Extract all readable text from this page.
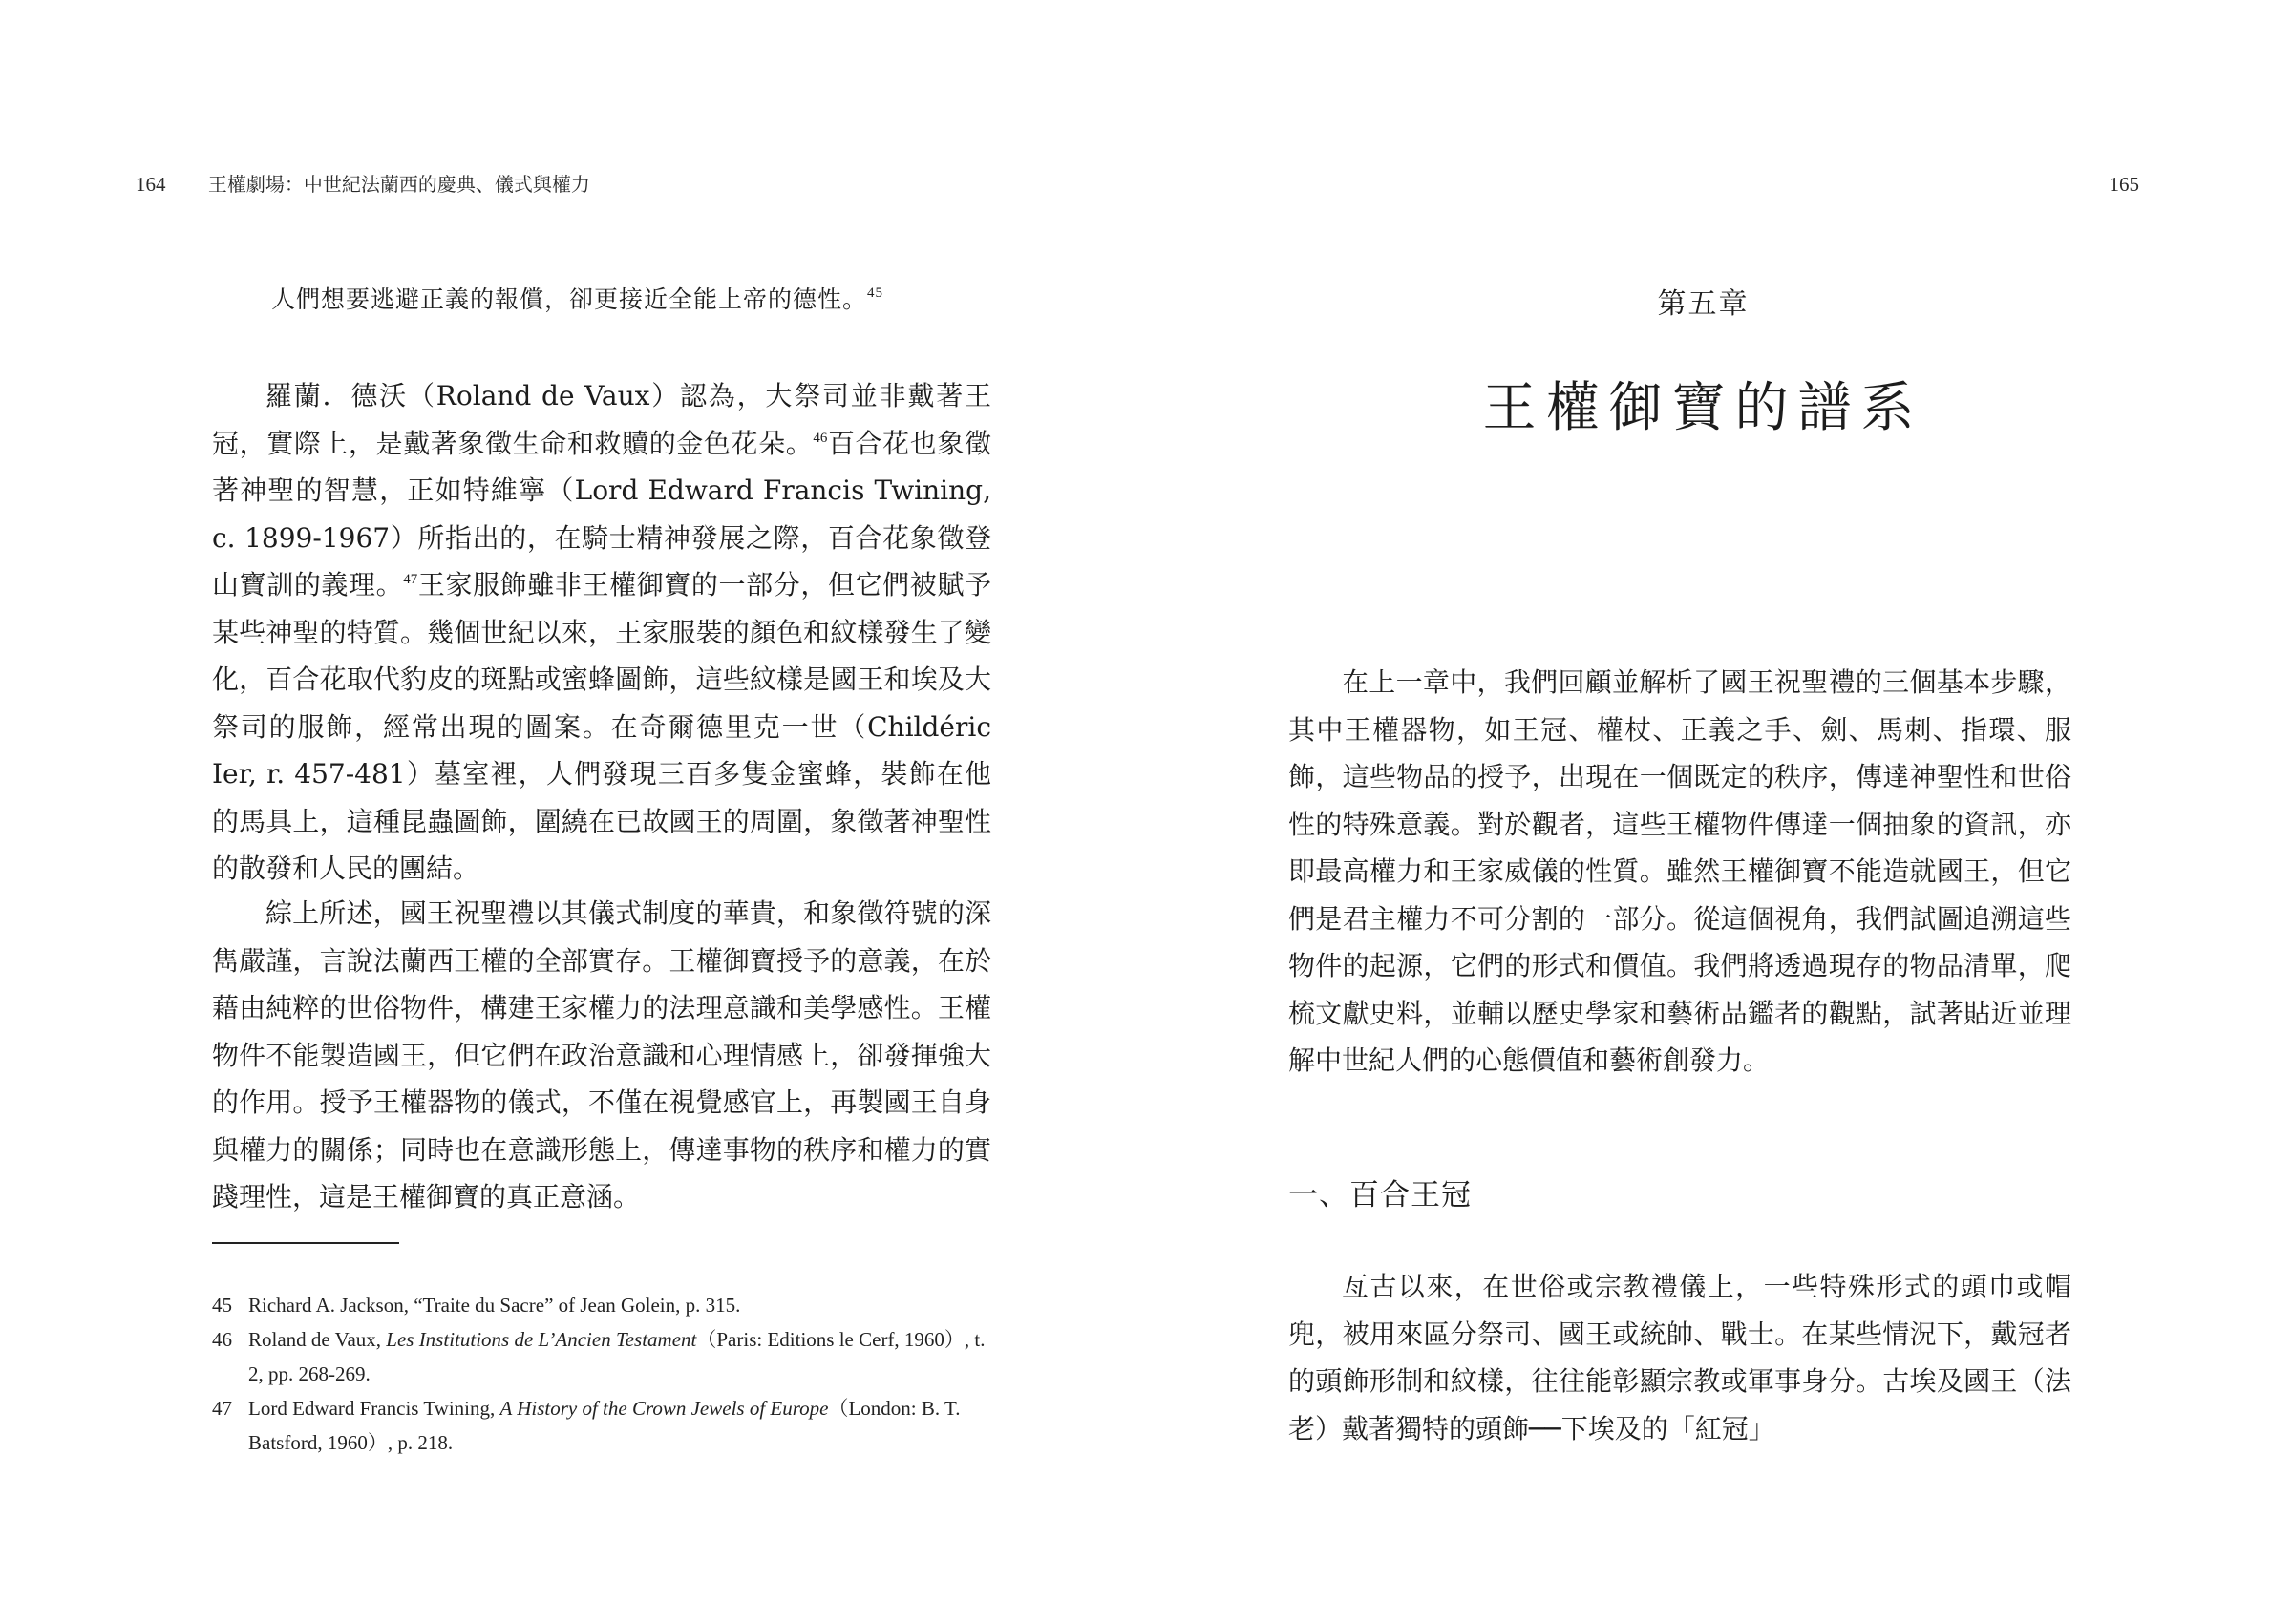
164 王權劇場：中世紀法蘭西的慶典、儀式與權力
人們想要逃避正義的報償，卻更接近全能上帝的德性。$^{45}$

羅蘭．德沃（Roland de Vaux）認為，大祭司並非戴著王冠，實際上，是戴著象徵生命和救贖的金色花朵。$^{46}$百合花也象徵著神聖的智慧，正如特維寧（Lord Edward Francis Twining, c. 1899-1967）所指出的，在騎士精神發展之際，百合花象徵登山寶訓的義理。$^{47}$王家服飾雖非王權御寶的一部分，但它們被賦予某些神聖的特質。幾個世紀以來，王家服裝的顏色和紋樣發生了變化，百合花取代豹皮的斑點或蜜蜂圖飾，這些紋樣是國王和埃及大祭司的服飾，經常出現的圖案。在奇爾德里克一世（Childéric Ier, r. 457-481）墓室裡，人們發現三百多隻金蜜蜂，裝飾在他的馬具上，這種昆蟲圖飾，圍繞在已故國王的周圍，象徵著神聖性的散發和人民的團結。

綜上所述，國王祝聖禮以其儀式制度的華貴，和象徵符號的深雋嚴謹，言說法蘭西王權的全部實存。王權御寶授予的意義，在於藉由純粹的世俗物件，構建王家權力的法理意識和美學感性。王權物件不能製造國王，但它們在政治意識和心理情感上，卻發揮強大的作用。授予王權器物的儀式，不僅在視覺感官上，再製國王自身與權力的關係；同時也在意識形態上，傳達事物的秩序和權力的實踐理性，這是王權御寶的真正意涵。

45 Richard A. Jackson, “Traite du Sacre” of Jean Golein, p. 315.
46 Roland de Vaux, Les Institutions de L’Ancien Testament（Paris: Editions le Cerf, 1960）, t. 2, pp. 268-269.
47 Lord Edward Francis Twining, A History of the Crown Jewels of Europe（London: B. T. Batsford, 1960）, p. 218.
165
第五章
王權御寶的譜系

在上一章中，我們回顧並解析了國王祝聖禮的三個基本步驟，其中王權器物，如王冠、權杖、正義之手、劍、馬刺、指環、服飾，這些物品的授予，出現在一個既定的秩序，傳達神聖性和世俗性的特殊意義。對於觀者，這些王權物件傳達一個抽象的資訊，亦即最高權力和王家威儀的性質。雖然王權御寶不能造就國王，但它們是君主權力不可分割的一部分。從這個視角，我們試圖追溯這些物件的起源，它們的形式和價值。我們將透過現存的物品清單，爬梳文獻史料，並輔以歷史學家和藝術品鑑者的觀點，試著貼近並理解中世紀人們的心態價值和藝術創發力。

一、百合王冠

亙古以來，在世俗或宗教禮儀上，一些特殊形式的頭巾或帽兜，被用來區分祭司、國王或統帥、戰士。在某些情況下，戴冠者的頭飾形制和紋樣，往往能彰顯宗教或軍事身分。古埃及國王（法老）戴著獨特的頭飾──下埃及的「紅冠」
